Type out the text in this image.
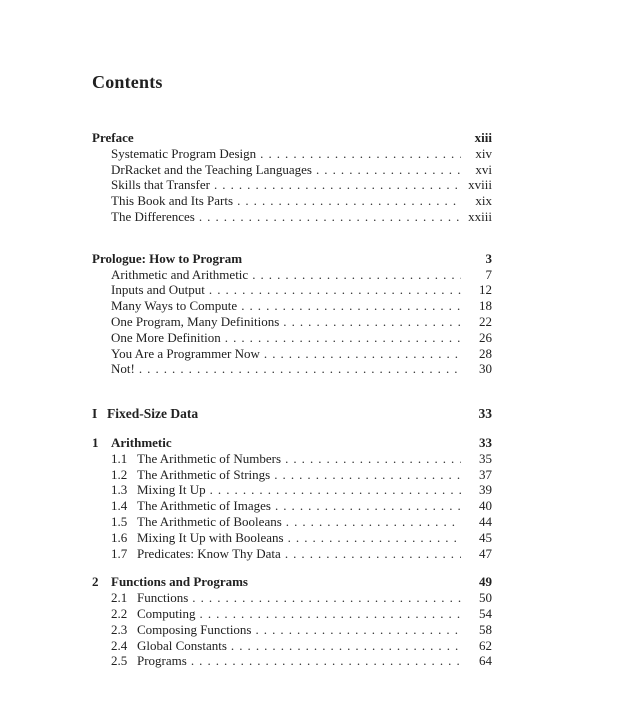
Contents
Preface	xiii
Systematic Program Design . . .	xiv
DrRacket and the Teaching Languages . . .	xvi
Skills that Transfer . . .	xviii
This Book and Its Parts . . .	xix
The Differences . . .	xxiii
Prologue: How to Program	3
Arithmetic and Arithmetic . . .	7
Inputs and Output . . .	12
Many Ways to Compute . . .	18
One Program, Many Definitions . . .	22
One More Definition . . .	26
You Are a Programmer Now . . .	28
Not! . . .	30
I Fixed-Size Data	33
1 Arithmetic	33
1.1 The Arithmetic of Numbers . . .	35
1.2 The Arithmetic of Strings . . .	37
1.3 Mixing It Up . . .	39
1.4 The Arithmetic of Images . . .	40
1.5 The Arithmetic of Booleans . . .	44
1.6 Mixing It Up with Booleans . . .	45
1.7 Predicates: Know Thy Data . . .	47
2 Functions and Programs	49
2.1 Functions . . .	50
2.2 Computing . . .	54
2.3 Composing Functions . . .	58
2.4 Global Constants . . .	62
2.5 Programs . . .	64
